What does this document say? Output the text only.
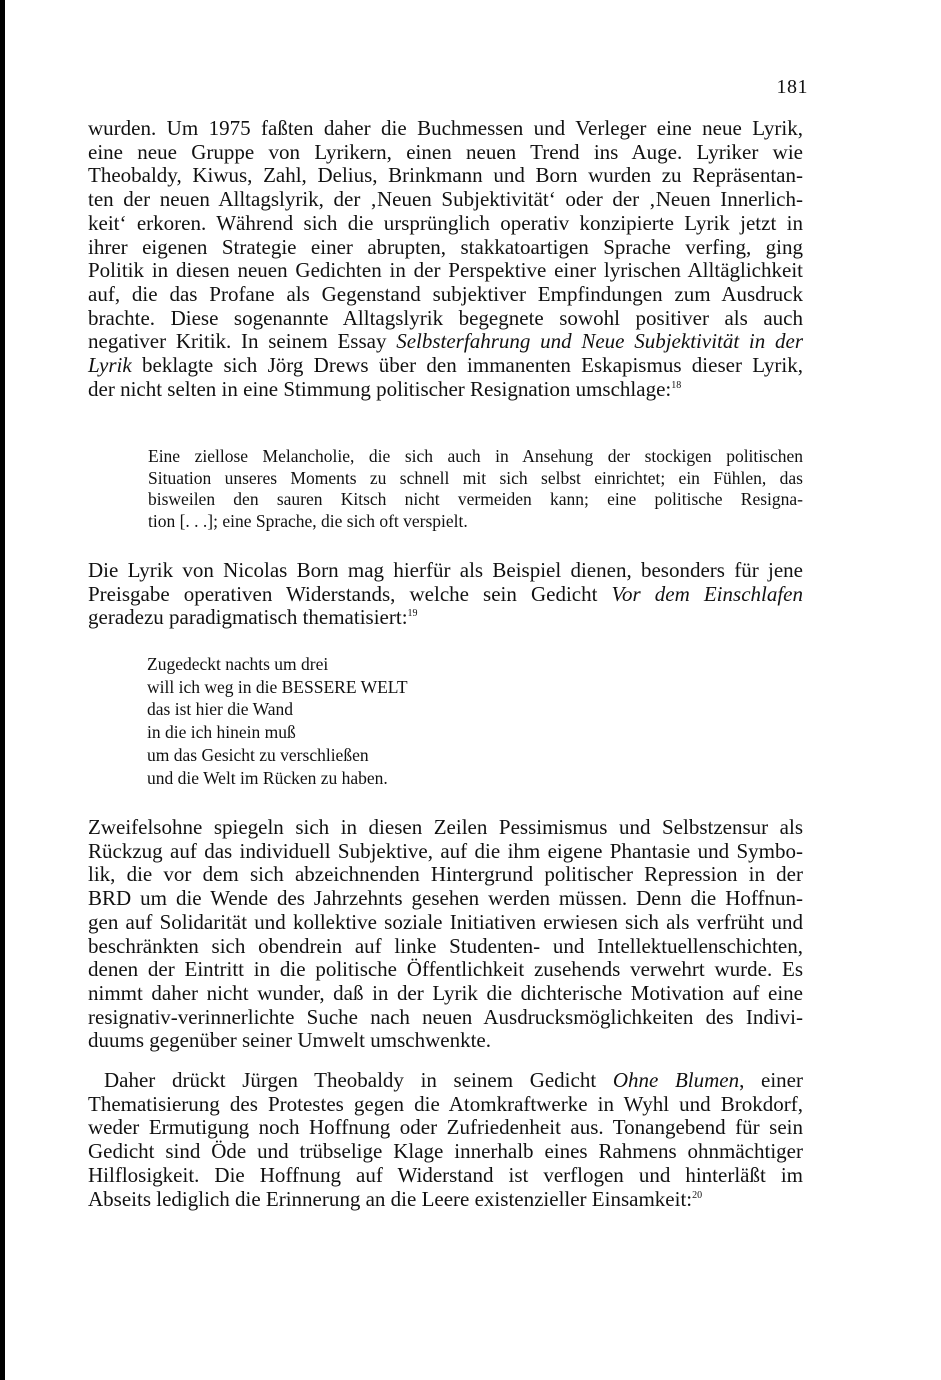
181
wurden. Um 1975 faßten daher die Buchmessen und Verleger eine neue Lyrik,
eine neue Gruppe von Lyrikern, einen neuen Trend ins Auge. Lyriker wie
Theobaldy, Kiwus, Zahl, Delius, Brinkmann und Born wurden zu Repräsentan-
ten der neuen Alltagslyrik, der ‚Neuen Subjektivität‘ oder der ‚Neuen Innerlich-
keit‘ erkoren. Während sich die ursprünglich operativ konzipierte Lyrik jetzt in
ihrer eigenen Strategie einer abrupten, stakkatoartigen Sprache verfing, ging
Politik in diesen neuen Gedichten in der Perspektive einer lyrischen Alltäglichkeit
auf, die das Profane als Gegenstand subjektiver Empfindungen zum Ausdruck
brachte. Diese sogenannte Alltagslyrik begegnete sowohl positiver als auch
negativer Kritik. In seinem Essay Selbsterfahrung und Neue Subjektivität in der
Lyrik beklagte sich Jörg Drews über den immanenten Eskapismus dieser Lyrik,
der nicht selten in eine Stimmung politischer Resignation umschlage:$^{18}$
Eine ziellose Melancholie, die sich auch in Ansehung der stockigen politischen
Situation unseres Moments zu schnell mit sich selbst einrichtet; ein Fühlen, das
bisweilen den sauren Kitsch nicht vermeiden kann; eine politische Resigna-
tion [. . .]; eine Sprache, die sich oft verspielt.
Die Lyrik von Nicolas Born mag hierfür als Beispiel dienen, besonders für jene
Preisgabe operativen Widerstands, welche sein Gedicht Vor dem Einschlafen
geradezu paradigmatisch thematisiert:$^{19}$
Zugedeckt nachts um drei
will ich weg in die BESSERE WELT
das ist hier die Wand
in die ich hinein muß
um das Gesicht zu verschließen
und die Welt im Rücken zu haben.
Zweifelsohne spiegeln sich in diesen Zeilen Pessimismus und Selbstzensur als
Rückzug auf das individuell Subjektive, auf die ihm eigene Phantasie und Symbo-
lik, die vor dem sich abzeichnenden Hintergrund politischer Repression in der
BRD um die Wende des Jahrzehnts gesehen werden müssen. Denn die Hoffnun-
gen auf Solidarität und kollektive soziale Initiativen erwiesen sich als verfrüht und
beschränkten sich obendrein auf linke Studenten- und Intellektuellenschichten,
denen der Eintritt in die politische Öffentlichkeit zusehends verwehrt wurde. Es
nimmt daher nicht wunder, daß in der Lyrik die dichterische Motivation auf eine
resignativ-verinnerlichte Suche nach neuen Ausdrucksmöglichkeiten des Indivi-
duums gegenüber seiner Umwelt umschwenkte.
Daher drückt Jürgen Theobaldy in seinem Gedicht Ohne Blumen, einer
Thematisierung des Protestes gegen die Atomkraftwerke in Wyhl und Brokdorf,
weder Ermutigung noch Hoffnung oder Zufriedenheit aus. Tonangebend für sein
Gedicht sind Öde und trübselige Klage innerhalb eines Rahmens ohnmächtiger
Hilflosigkeit. Die Hoffnung auf Widerstand ist verflogen und hinterläßt im
Abseits lediglich die Erinnerung an die Leere existenzieller Einsamkeit:$^{20}$
